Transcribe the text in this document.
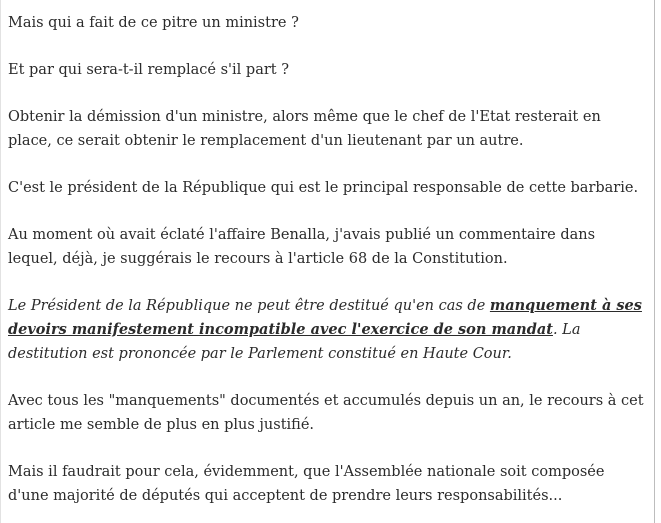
Mais qui a fait de ce pitre un ministre ?

Et par qui sera-t-il remplacé s'il part ?

Obtenir la démission d'un ministre, alors même que le chef de l'Etat resterait en place, ce serait obtenir le remplacement d'un lieutenant par un autre.

C'est le président de la République qui est le principal responsable de cette barbarie.

Au moment où avait éclaté l'affaire Benalla, j'avais publié un commentaire dans lequel, déjà, je suggérais le recours à l'article 68 de la Constitution.

Le Président de la République ne peut être destitué qu'en cas de manquement à ses devoirs manifestement incompatible avec l'exercice de son mandat. La destitution est prononcée par le Parlement constitué en Haute Cour.

Avec tous les "manquements" documentés et accumulés depuis un an, le recours à cet article me semble de plus en plus justifié.

Mais il faudrait pour cela, évidemment, que l'Assemblée nationale soit composée d'une majorité de députés qui acceptent de prendre leurs responsabilités...
